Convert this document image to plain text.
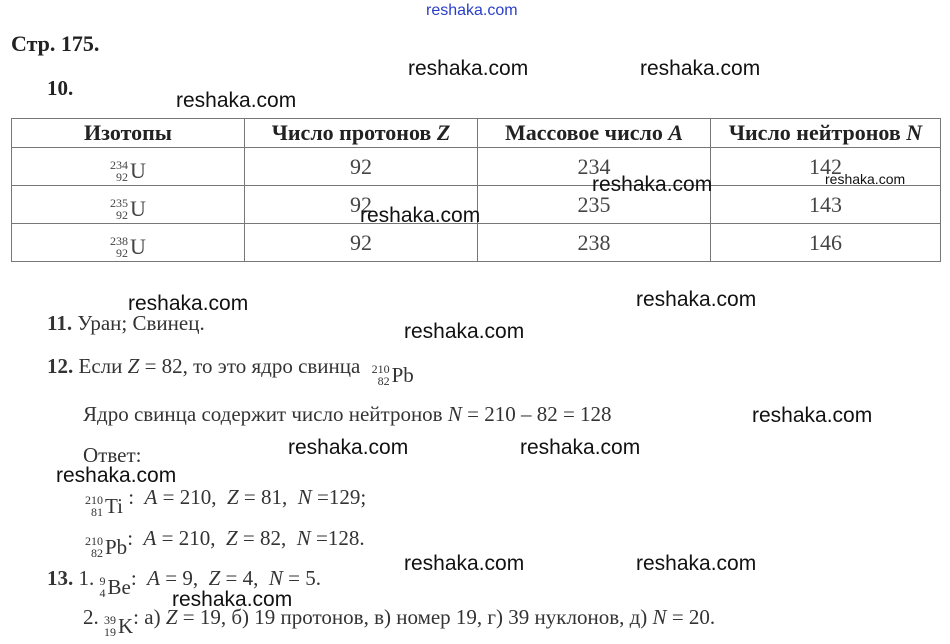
Стр. 175.
10.
Изотопы	Число протонов Z	Массовое число A	Число нейтронов N

234
92 U	92	234	142

235
92 U	92	235	143

238
92 U	92	238	146
11. Уран; Свинец.
12. Если Z = 82, то это ядро свинца 210
82 Pb
Ядро свинца содержит число нейтронов N = 210 – 82 = 128
Ответ:
210
81 Ti : A = 210, Z = 81, N =129;
210
82 Pb : A = 210, Z = 82, N =128.
13. 1. 9
4 Be : A = 9, Z = 4, N = 5.
2. 39
19 K : а) Z = 19, б) 19 протонов, в) номер 19, г) 39 нуклонов, д) N = 20.
reshaka.com
reshaka.com	reshaka.com
reshaka.com
reshaka.com	reshaka.com
reshaka.com
reshaka.com	reshaka.com
reshaka.com
reshaka.com
reshaka.com	reshaka.com
reshaka.com
reshaka.com	reshaka.com
reshaka.com
